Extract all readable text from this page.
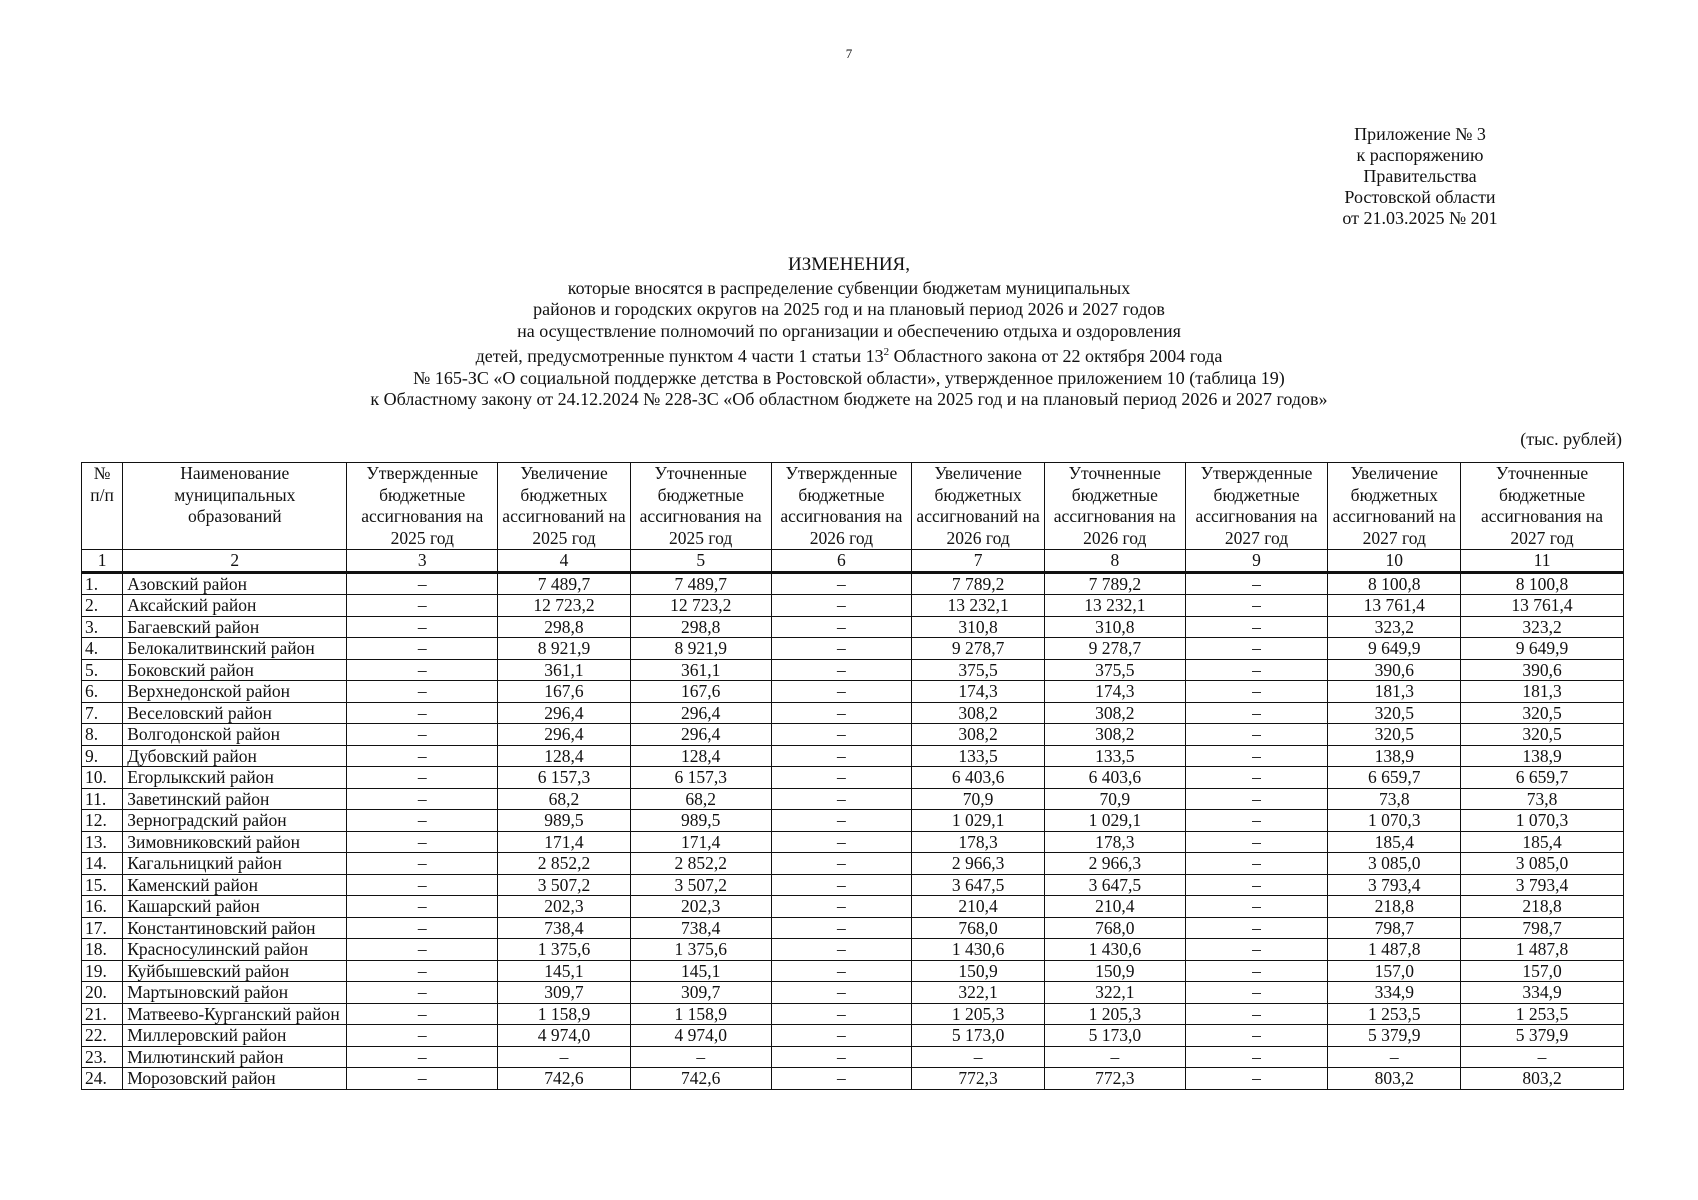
7
Приложение № 3
к распоряжению
Правительства
Ростовской области
от 21.03.2025 № 201
ИЗМЕНЕНИЯ,
которые вносятся в распределение субвенции бюджетам муниципальных
районов и городских округов на 2025 год и на плановый период 2026 и 2027 годов
на осуществление полномочий по организации и обеспечению отдыха и оздоровления
детей, предусмотренные пунктом 4 части 1 статьи $13^2$ Областного закона от 22 октября 2004 года
№ 165-ЗС «О социальной поддержке детства в Ростовской области», утвержденное приложением 10 (таблица 19)
к Областному закону от 24.12.2024 № 228-ЗС «Об областном бюджете на 2025 год и на плановый период 2026 и 2027 годов»
(тыс. рублей)
№ п/п	Наименование муниципальных образований	Утвержденные бюджетные ассигнования на 2025 год	Увеличение бюджетных ассигнований на 2025 год	Уточненные бюджетные ассигнования на 2025 год	Утвержденные бюджетные ассигнования на 2026 год	Увеличение бюджетных ассигнований на 2026 год	Уточненные бюджетные ассигнования на 2026 год	Утвержденные бюджетные ассигнования на 2027 год	Увеличение бюджетных ассигнований на 2027 год	Уточненные бюджетные ассигнования на 2027 год
1	2	3	4	5	6	7	8	9	10	11
1.	Азовский район	–	7 489,7	7 489,7	–	7 789,2	7 789,2	–	8 100,8	8 100,8
2.	Аксайский район	–	12 723,2	12 723,2	–	13 232,1	13 232,1	–	13 761,4	13 761,4
3.	Багаевский район	–	298,8	298,8	–	310,8	310,8	–	323,2	323,2
4.	Белокалитвинский район	–	8 921,9	8 921,9	–	9 278,7	9 278,7	–	9 649,9	9 649,9
5.	Боковский район	–	361,1	361,1	–	375,5	375,5	–	390,6	390,6
6.	Верхнедонской район	–	167,6	167,6	–	174,3	174,3	–	181,3	181,3
7.	Веселовский район	–	296,4	296,4	–	308,2	308,2	–	320,5	320,5
8.	Волгодонской район	–	296,4	296,4	–	308,2	308,2	–	320,5	320,5
9.	Дубовский район	–	128,4	128,4	–	133,5	133,5	–	138,9	138,9
10.	Егорлыкский район	–	6 157,3	6 157,3	–	6 403,6	6 403,6	–	6 659,7	6 659,7
11.	Заветинский район	–	68,2	68,2	–	70,9	70,9	–	73,8	73,8
12.	Зерноградский район	–	989,5	989,5	–	1 029,1	1 029,1	–	1 070,3	1 070,3
13.	Зимовниковский район	–	171,4	171,4	–	178,3	178,3	–	185,4	185,4
14.	Кагальницкий район	–	2 852,2	2 852,2	–	2 966,3	2 966,3	–	3 085,0	3 085,0
15.	Каменский район	–	3 507,2	3 507,2	–	3 647,5	3 647,5	–	3 793,4	3 793,4
16.	Кашарский район	–	202,3	202,3	–	210,4	210,4	–	218,8	218,8
17.	Константиновский район	–	738,4	738,4	–	768,0	768,0	–	798,7	798,7
18.	Красносулинский район	–	1 375,6	1 375,6	–	1 430,6	1 430,6	–	1 487,8	1 487,8
19.	Куйбышевский район	–	145,1	145,1	–	150,9	150,9	–	157,0	157,0
20.	Мартыновский район	–	309,7	309,7	–	322,1	322,1	–	334,9	334,9
21.	Матвеево-Курганский район	–	1 158,9	1 158,9	–	1 205,3	1 205,3	–	1 253,5	1 253,5
22.	Миллеровский район	–	4 974,0	4 974,0	–	5 173,0	5 173,0	–	5 379,9	5 379,9
23.	Милютинский район	–	–	–	–	–	–	–	–	–
24.	Морозовский район	–	742,6	742,6	–	772,3	772,3	–	803,2	803,2
